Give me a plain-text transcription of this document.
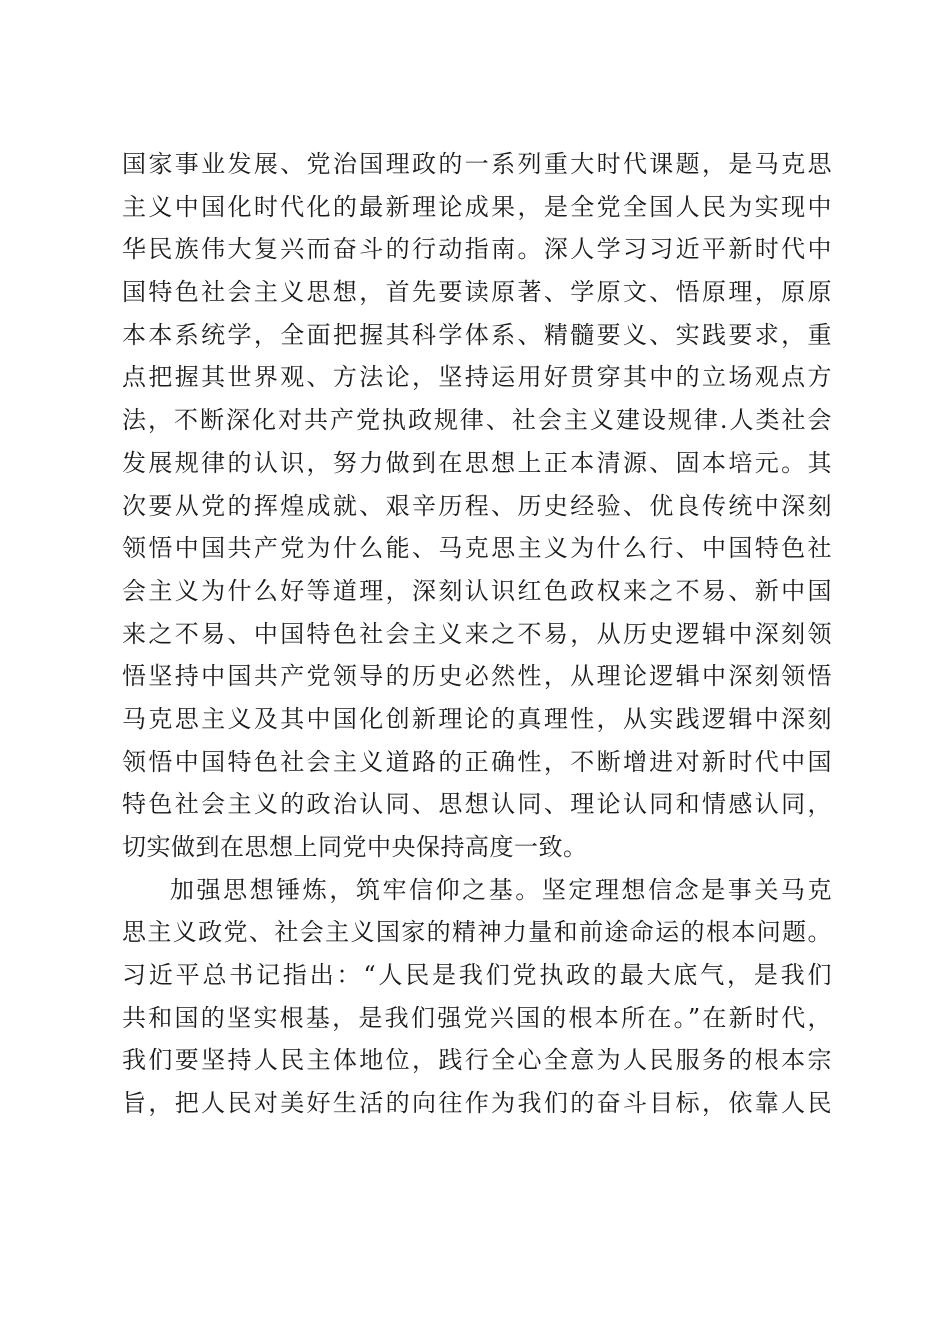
国家事业发展、党治国理政的一系列重大时代课题，是马克思
主义中国化时代化的最新理论成果，是全党全国人民为实现中
华民族伟大复兴而奋斗的行动指南。深人学习习近平新时代中
国特色社会主义思想，首先要读原著、学原文、悟原理，原原
本本系统学，全面把握其科学体系、精髓要义、实践要求，重
点把握其世界观、方法论，坚持运用好贯穿其中的立场观点方
法，不断深化对共产党执政规律、社会主义建设规律.人类社会
发展规律的认识，努力做到在思想上正本清源、固本培元。其
次要从党的挥煌成就、艰辛历程、历史经验、优良传统中深刻
领悟中国共产党为什么能、马克思主义为什么行、中国特色社
会主义为什么好等道理，深刻认识红色政权来之不易、新中国
来之不易、中国特色社会主义来之不易，从历史逻辑中深刻领
悟坚持中国共产党领导的历史必然性，从理论逻辑中深刻领悟
马克思主义及其中国化创新理论的真理性，从实践逻辑中深刻
领悟中国特色社会主义道路的正确性，不断增进对新时代中国
特色社会主义的政治认同、思想认同、理论认同和情感认同，
切实做到在思想上同党中央保持高度一致。
加强思想锤炼，筑牢信仰之基。坚定理想信念是事关马克
思主义政党、社会主义国家的精神力量和前途命运的根本问题。
习近平总书记指出：“人民是我们党执政的最大底气，是我们
共和国的坚实根基，是我们强党兴国的根本所在。”在新时代，
我们要坚持人民主体地位，践行全心全意为人民服务的根本宗
旨，把人民对美好生活的向往作为我们的奋斗目标，依靠人民
